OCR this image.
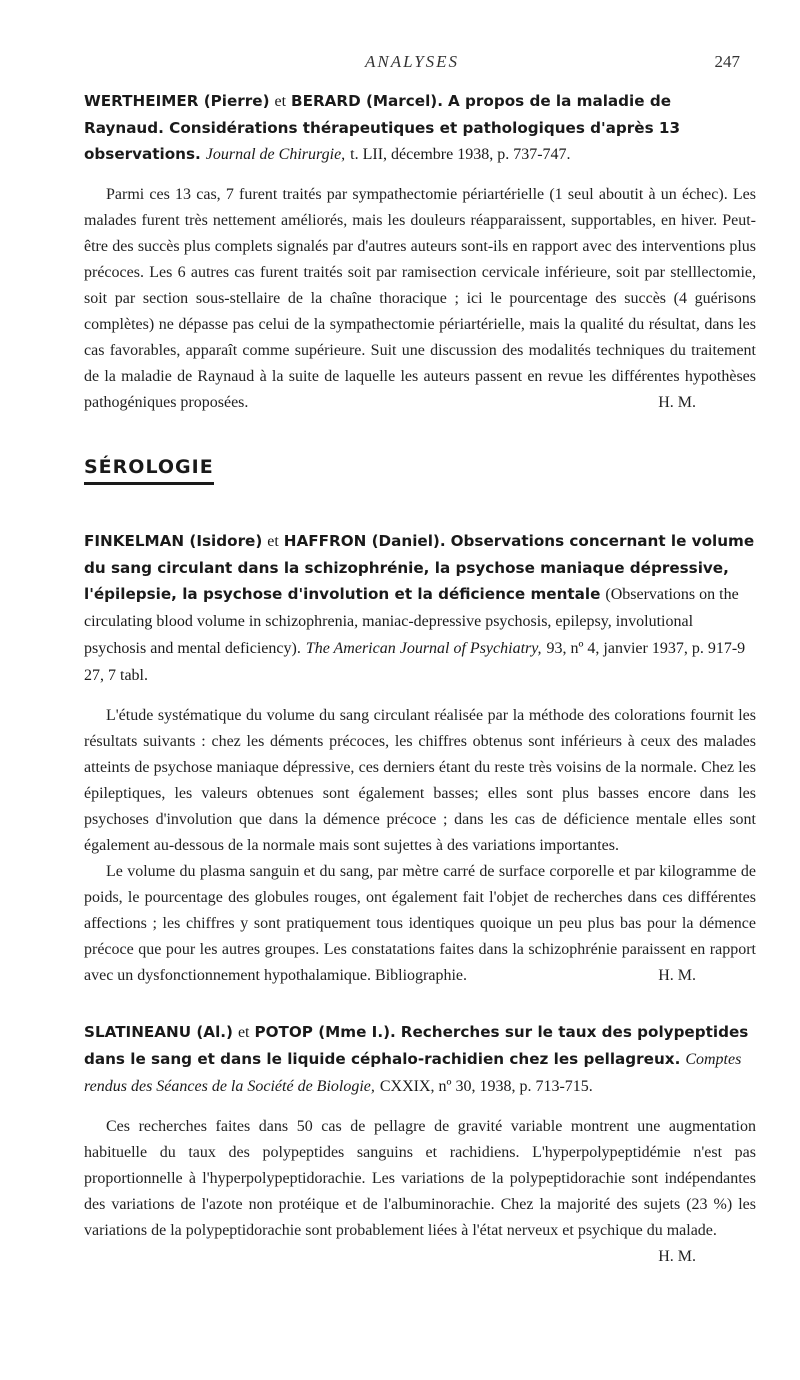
ANALYSES	247

WERTHEIMER (Pierre) et BERARD (Marcel). A propos de la maladie de Raynaud. Considérations thérapeutiques et pathologiques d'après 13 observations. Journal de Chirurgie, t. LII, décembre 1938, p. 737-747.

Parmi ces 13 cas, 7 furent traités par sympathectomie périartérielle (1 seul aboutit à un échec). Les malades furent très nettement améliorés, mais les douleurs réapparaissent, supportables, en hiver. Peut-être des succès plus complets signalés par d'autres auteurs sont-ils en rapport avec des interventions plus précoces. Les 6 autres cas furent traités soit par ramisection cervicale inférieure, soit par stelllectomie, soit par section sous-stellaire de la chaîne thoracique ; ici le pourcentage des succès (4 guérisons complètes) ne dépasse pas celui de la sympathectomie périartérielle, mais la qualité du résultat, dans les cas favorables, apparaît comme supérieure. Suit une discussion des modalités techniques du traitement de la maladie de Raynaud à la suite de laquelle les auteurs passent en revue les différentes hypothèses pathogéniques proposées.	H. M.

SÉROLOGIE

FINKELMAN (Isidore) et HAFFRON (Daniel). Observations concernant le volume du sang circulant dans la schizophrénie, la psychose maniaque dépressive, l'épilepsie, la psychose d'involution et la déficience mentale (Observations on the circulating blood volume in schizophrenia, maniac-depressive psychosis, epilepsy, involutional psychosis and mental deficiency). The American Journal of Psychiatry, 93, nº 4, janvier 1937, p. 917-9 27, 7 tabl.

L'étude systématique du volume du sang circulant réalisée par la méthode des colorations fournit les résultats suivants : chez les déments précoces, les chiffres obtenus sont inférieurs à ceux des malades atteints de psychose maniaque dépressive, ces derniers étant du reste très voisins de la normale. Chez les épileptiques, les valeurs obtenues sont également basses; elles sont plus basses encore dans les psychoses d'involution que dans la démence précoce ; dans les cas de déficience mentale elles sont également au-dessous de la normale mais sont sujettes à des variations importantes.

Le volume du plasma sanguin et du sang, par mètre carré de surface corporelle et par kilogramme de poids, le pourcentage des globules rouges, ont également fait l'objet de recherches dans ces différentes affections ; les chiffres y sont pratiquement tous identiques quoique un peu plus bas pour la démence précoce que pour les autres groupes. Les constatations faites dans la schizophrénie paraissent en rapport avec un dysfonctionnement hypothalamique. Bibliographie.	H. M.

SLATINEANU (Al.) et POTOP (Mme I.). Recherches sur le taux des polypeptides dans le sang et dans le liquide céphalo-rachidien chez les pellagreux. Comptes rendus des Séances de la Société de Biologie, CXXIX, nº 30, 1938, p. 713-715.

Ces recherches faites dans 50 cas de pellagre de gravité variable montrent une augmentation habituelle du taux des polypeptides sanguins et rachidiens. L'hyperpolypeptidémie n'est pas proportionnelle à l'hyperpolypeptidorachie. Les variations de la polypeptidorachie sont indépendantes des variations de l'azote non protéique et de l'albuminorachie. Chez la majorité des sujets (23 %) les variations de la polypeptidorachie sont probablement liées à l'état nerveux et psychique du malade.
H. M.
